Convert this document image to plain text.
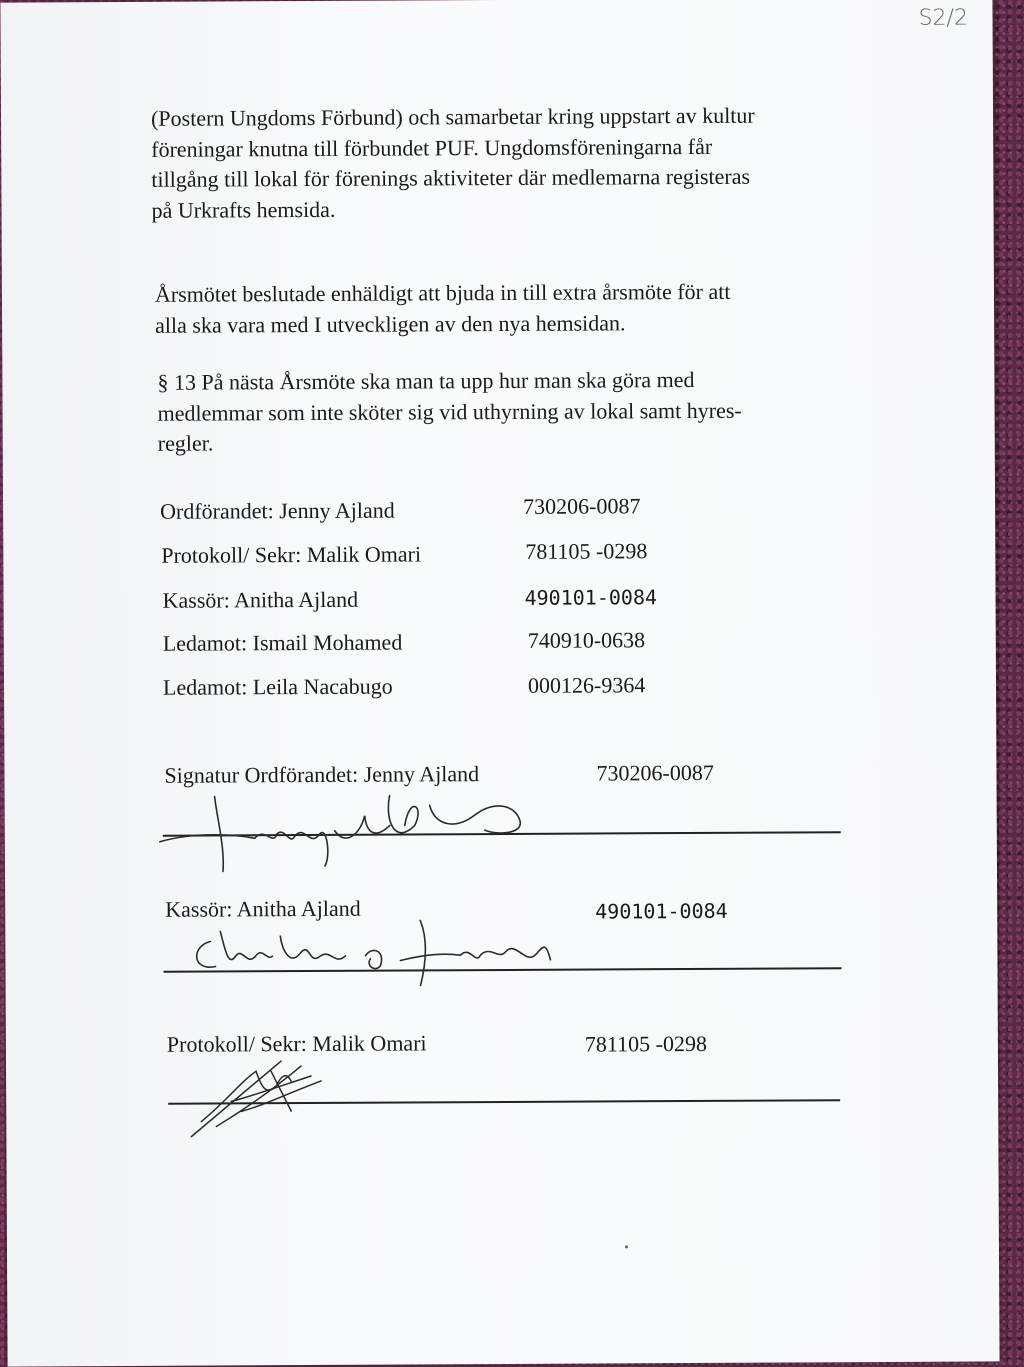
S2/2
(Postern Ungdoms Förbund) och samarbetar kring uppstart av kultur
föreningar knutna till förbundet PUF. Ungdomsföreningarna får
tillgång till lokal för förenings aktiviteter där medlemarna registeras
på Urkrafts hemsida.
Årsmötet beslutade enhäldigt att bjuda in till extra årsmöte för att
alla ska vara med I utveckligen av den nya hemsidan.
§ 13 På nästa Årsmöte ska man ta upp hur man ska göra med
medlemmar som inte sköter sig vid uthyrning av lokal samt hyres-
regler.
Ordförandet: Jenny Ajland	730206-0087
Protokoll/ Sekr: Malik Omari	781105 -0298
Kassör: Anitha Ajland	490101-0084
Ledamot: Ismail Mohamed	740910-0638
Ledamot: Leila Nacabugo	000126-9364
Signatur Ordförandet: Jenny Ajland	730206-0087
Kassör: Anitha Ajland	490101-0084
Protokoll/ Sekr: Malik Omari	781105 -0298
